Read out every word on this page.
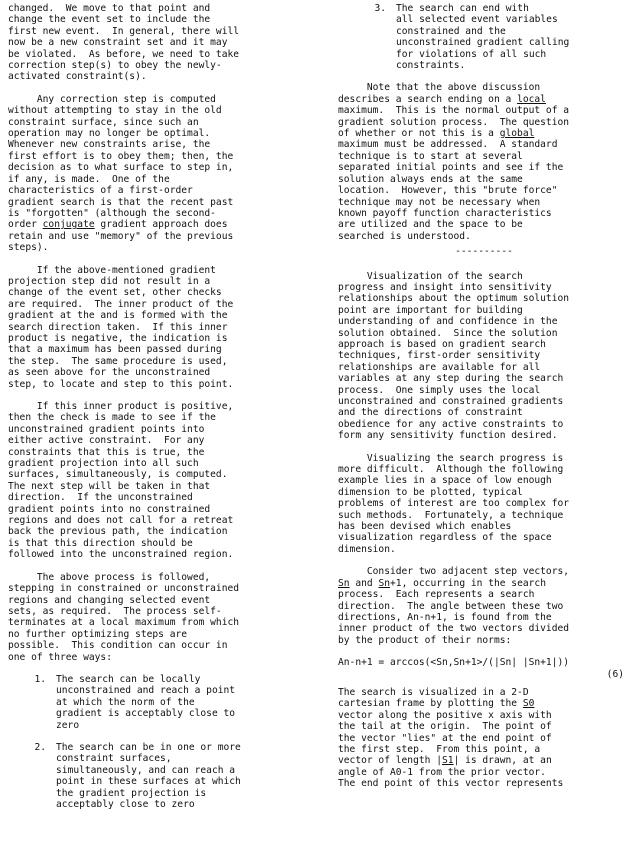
changed.  We move to that point and
change the event set to include the
first new event.  In general, there will
now be a new constraint set and it may
be violated.  As before, we need to take
correction step(s) to obey the newly-
activated constraint(s).

Any correction step is computed
without attempting to stay in the old
constraint surface, since such an
operation may no longer be optimal.
Whenever new constraints arise, the
first effort is to obey them; then, the
decision as to what surface to step in,
if any, is made.  One of the
characteristics of a first-order
gradient search is that the recent past
is "forgotten" (although the second-
order conjugate gradient approach does
retain and use "memory" of the previous
steps).

If the above-mentioned gradient
projection step did not result in a
change of the event set, other checks
are required.  The inner product of the
gradient at the and is formed with the
search direction taken.  If this inner
product is negative, the indication is
that a maximum has been passed during
the step.  The same procedure is used,
as seen above for the unconstrained
step, to locate and step to this point.

If this inner product is positive,
then the check is made to see if the
unconstrained gradient points into
either active constraint.  For any
constraints that this is true, the
gradient projection into all such
surfaces, simultaneously, is computed.
The next step will be taken in that
direction.  If the unconstrained
gradient points into no constrained
regions and does not call for a retreat
back the previous path, the indication
is that this direction should be
followed into the unconstrained region.

The above process is followed,
stepping in constrained or unconstrained
regions and changing selected event
sets, as required.  The process self-
terminates at a local maximum from which
no further optimizing steps are
possible.  This condition can occur in
one of three ways:

1.	The search can be locally
unconstrained and reach a point
at which the norm of the
gradient is acceptably close to
zero
2.	The search can be in one or more
constraint surfaces,
simultaneously, and can reach a
point in these surfaces at which
the gradient projection is
acceptably close to zero
3.	The search can end with
all selected event variables
constrained and the
unconstrained gradient calling
for violations of all such
constraints.

Note that the above discussion
describes a search ending on a local
maximum.  This is the normal output of a
gradient solution process.  The question
of whether or not this is a global
maximum must be addressed.  A standard
technique is to start at several
separated initial points and see if the
solution always ends at the same
location.  However, this "brute force"
technique may not be necessary when
known payoff function characteristics
are utilized and the space to be
searched is understood.

----------

Visualization of the search
progress and insight into sensitivity
relationships about the optimum solution
point are important for building
understanding of and confidence in the
solution obtained.  Since the solution
approach is based on gradient search
techniques, first-order sensitivity
relationships are available for all
variables at any step during the search
process.  One simply uses the local
unconstrained and constrained gradients
and the directions of constraint
obedience for any active constraints to
form any sensitivity function desired.

Visualizing the search progress is
more difficult.  Although the following
example lies in a space of low enough
dimension to be plotted, typical
problems of interest are too complex for
such methods.  Fortunately, a technique
has been devised which enables
visualization regardless of the space
dimension.

Consider two adjacent step vectors,
Sn and Sn+1, occurring in the search
process.  Each represents a search
direction.  The angle between these two
directions, An-n+1, is found from the
inner product of the two vectors divided
by the product of their norms:

An-n+1 = arccos(<Sn,Sn+1>/(|Sn| |Sn+1|))
(6)

The search is visualized in a 2-D
cartesian frame by plotting the S0
vector along the positive x axis with
the tail at the origin.  The point of
the vector "lies" at the end point of
the first step.  From this point, a
vector of length |S1| is drawn, at an
angle of A0-1 from the prior vector.
The end point of this vector represents
